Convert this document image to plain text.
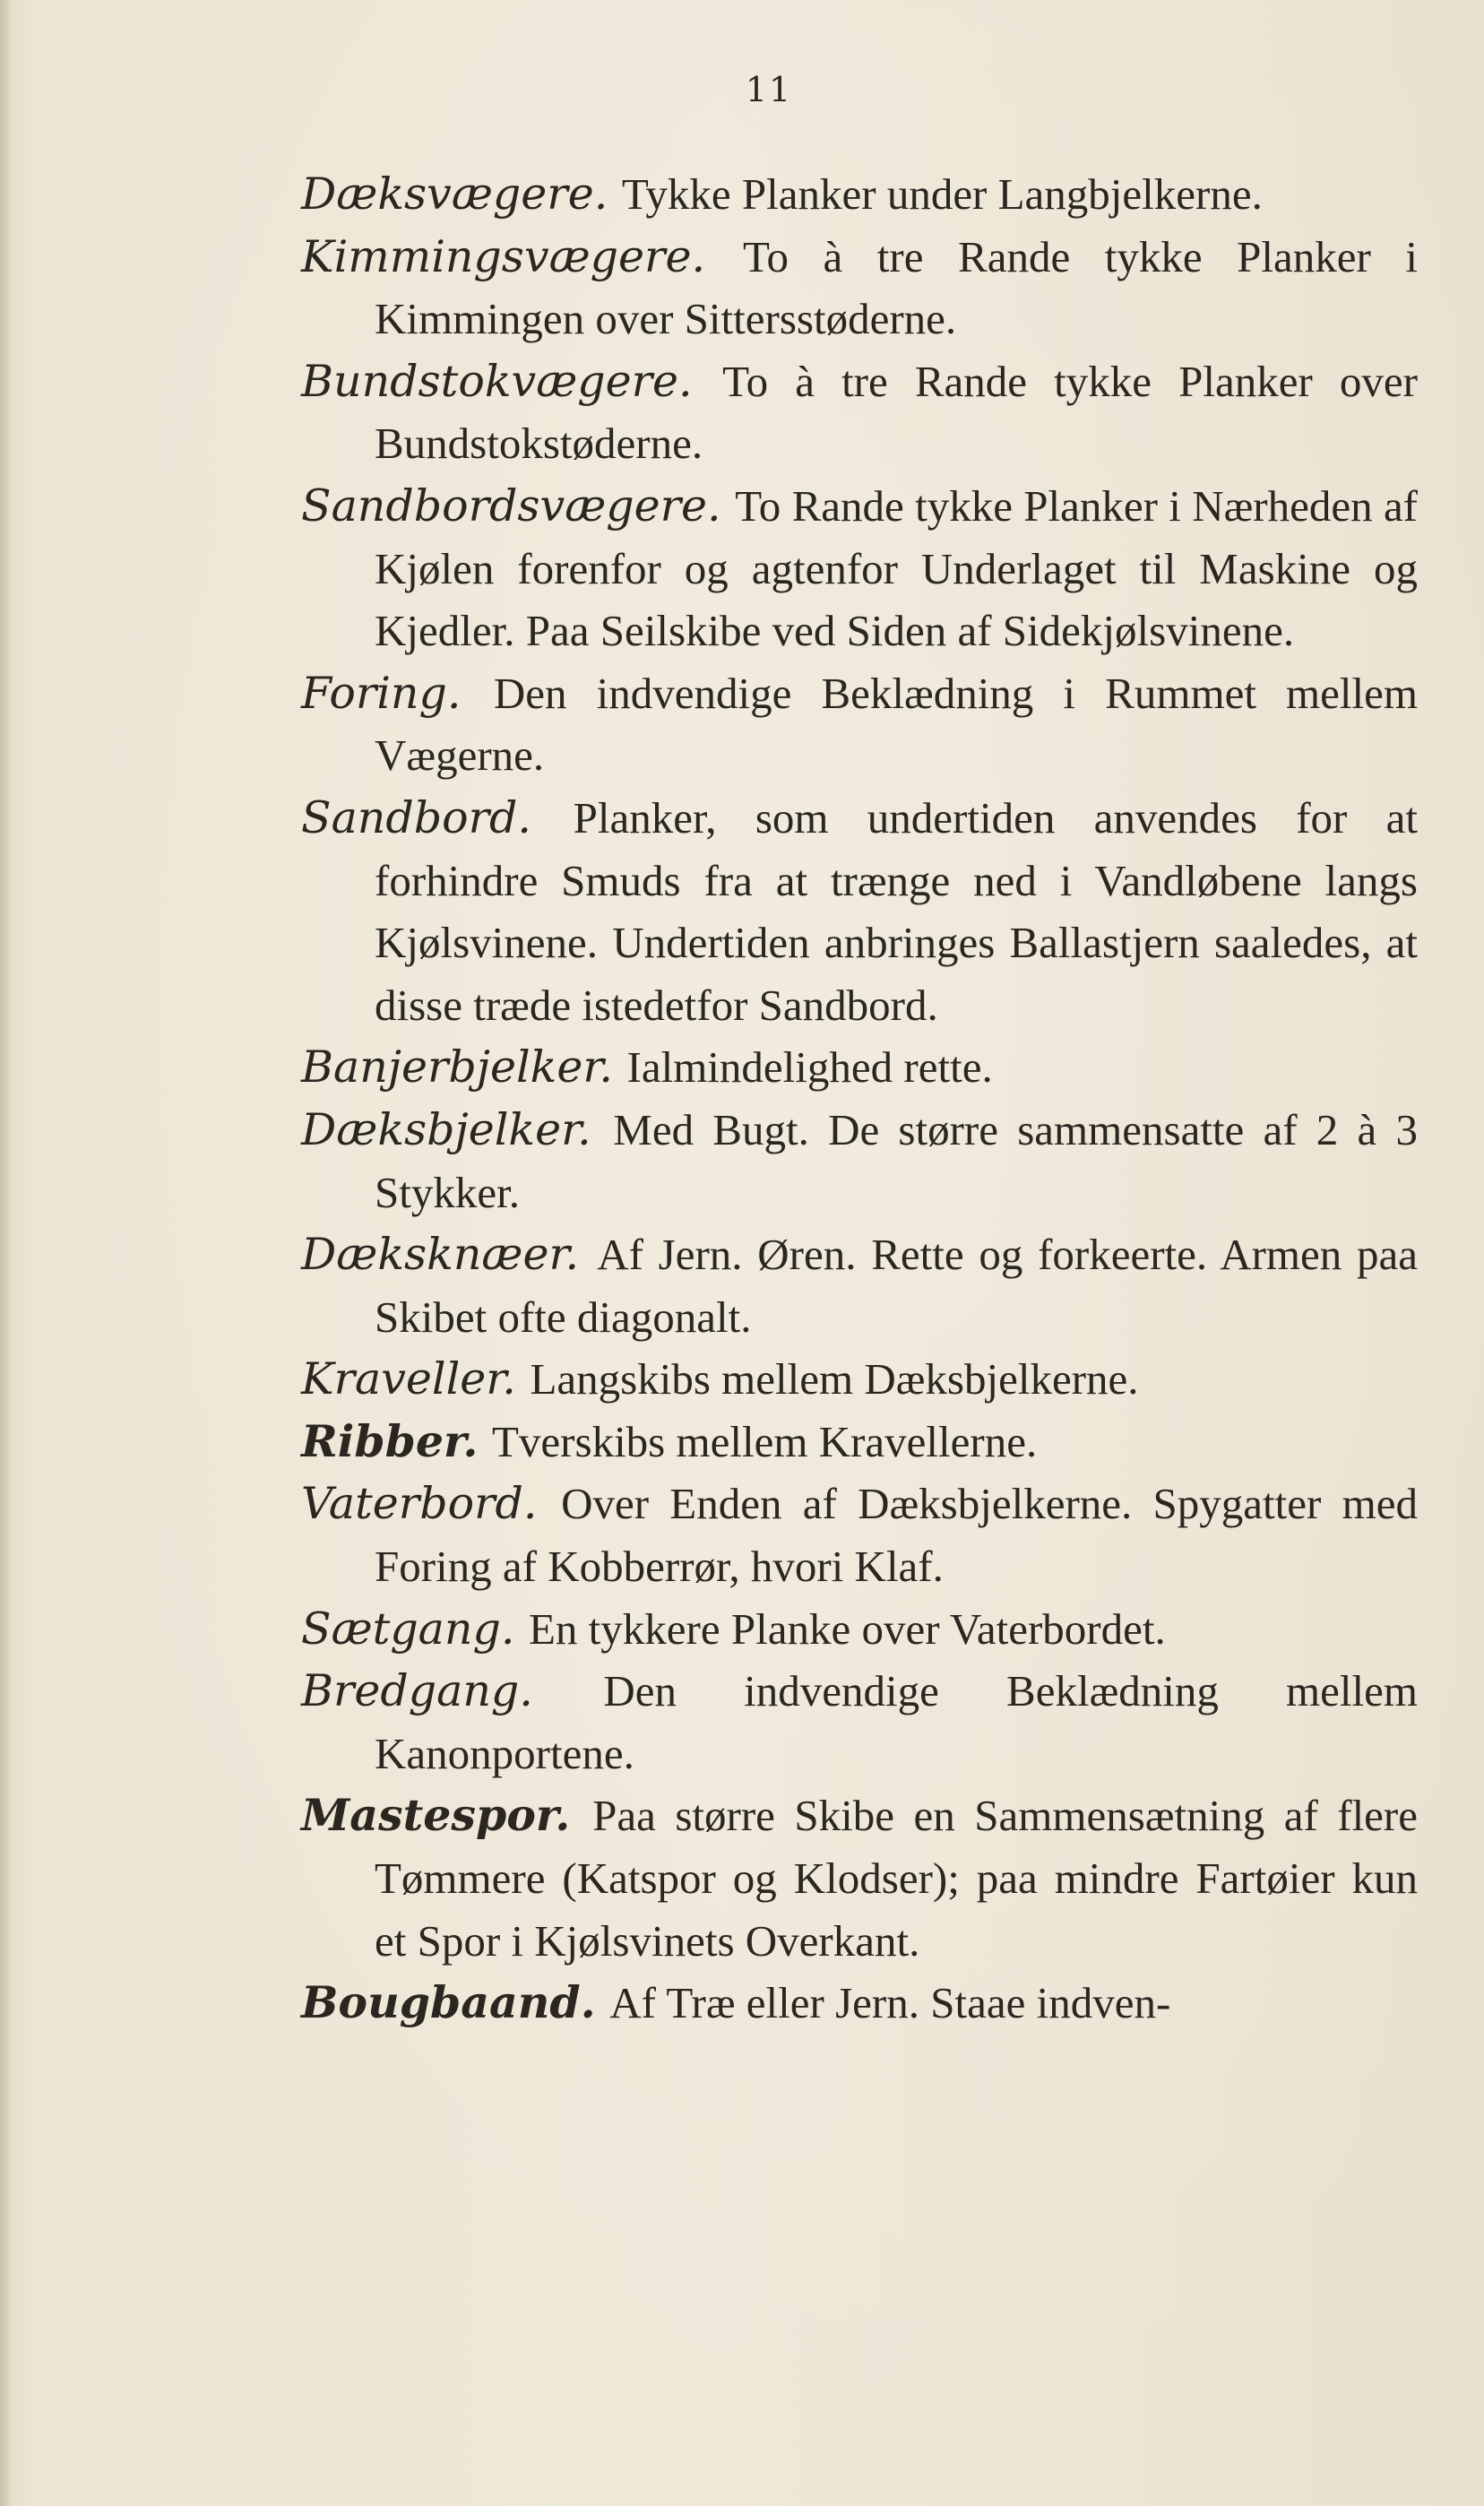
11

Dæksvægere. Tykke Planker under Langbjelkerne.

Kimmingsvægere. To à tre Rande tykke Planker i Kimmingen over Sittersstøderne.

Bundstokvægere. To à tre Rande tykke Planker over Bundstokstøderne.

Sandbordsvægere. To Rande tykke Planker i Nærheden af Kjølen forenfor og agtenfor Underlaget til Maskine og Kjedler. Paa Seilskibe ved Siden af Sidekjølsvinene.

Foring. Den indvendige Beklædning i Rummet mellem Vægerne.

Sandbord. Planker, som undertiden anvendes for at forhindre Smuds fra at trænge ned i Vandløbene langs Kjølsvinene. Undertiden anbringes Ballastjern saaledes, at disse træde istedetfor Sandbord.

Banjerbjelker. Ialmindelighed rette.

Dæksbjelker. Med Bugt. De større sammensatte af 2 à 3 Stykker.

Dæksknæer. Af Jern. Øren. Rette og forkeerte. Armen paa Skibet ofte diagonalt.

Kraveller. Langskibs mellem Dæksbjelkerne.

Ribber. Tverskibs mellem Kravellerne.

Vaterbord. Over Enden af Dæksbjelkerne. Spygatter med Foring af Kobberrør, hvori Klaf.

Sætgang. En tykkere Planke over Vaterbordet.

Bredgang. Den indvendige Beklædning mellem Kanonportene.

Mastespor. Paa større Skibe en Sammensætning af flere Tømmere (Katspor og Klodser); paa mindre Fartøier kun et Spor i Kjølsvinets Overkant.

Bougbaand. Af Træ eller Jern. Staae indven-
